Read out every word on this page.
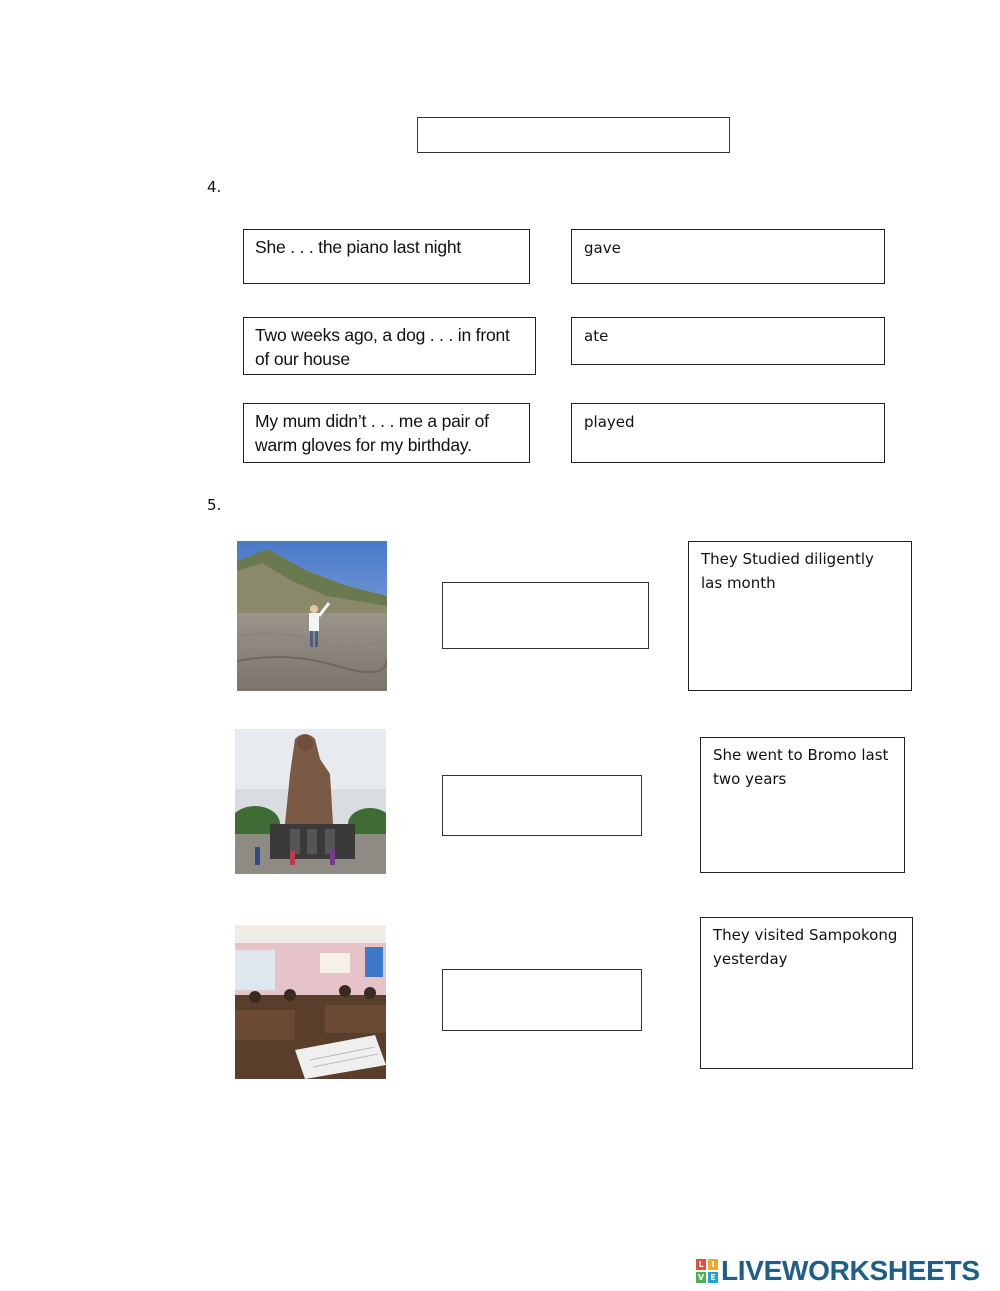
4.
She . . . the piano last night
Two weeks ago, a dog . . . in front of our house
My mum didn’t . . . me a pair of warm gloves for my birthday.
gave
ate
played
5.
They Studied diligently las month
She went to Bromo last two years
They visited Sampokong yesterday
L I
V E LIVEWORKSHEETS
